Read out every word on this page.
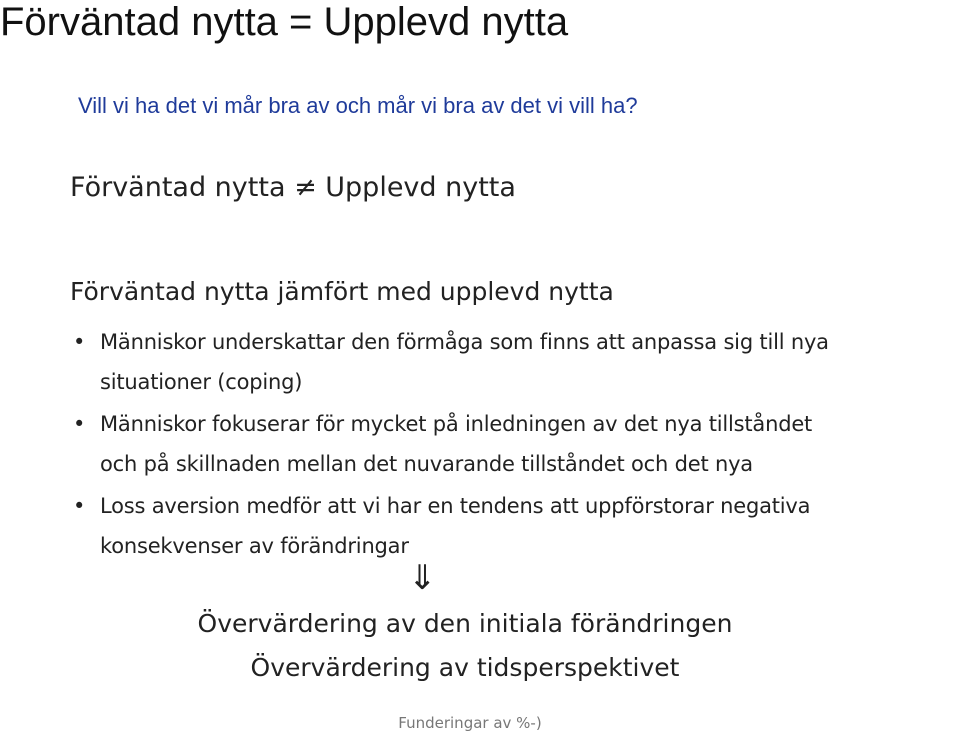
Förväntad nytta = Upplevd nytta
Vill vi ha det vi mår bra av och mår vi bra av det vi vill ha?
Förväntad nytta ≠ Upplevd nytta
Förväntad nytta jämfört med upplevd nytta
• Människor underskattar den förmåga som finns att anpassa sig till nya
situationer (coping)
• Människor fokuserar för mycket på inledningen av det nya tillståndet
och på skillnaden mellan det nuvarande tillståndet och det nya
• Loss aversion medför att vi har en tendens att uppförstorar negativa
konsekvenser av förändringar
⇓
Övervärdering av den initiala förändringen
Övervärdering av tidsperspektivet
Funderingar av %-)
